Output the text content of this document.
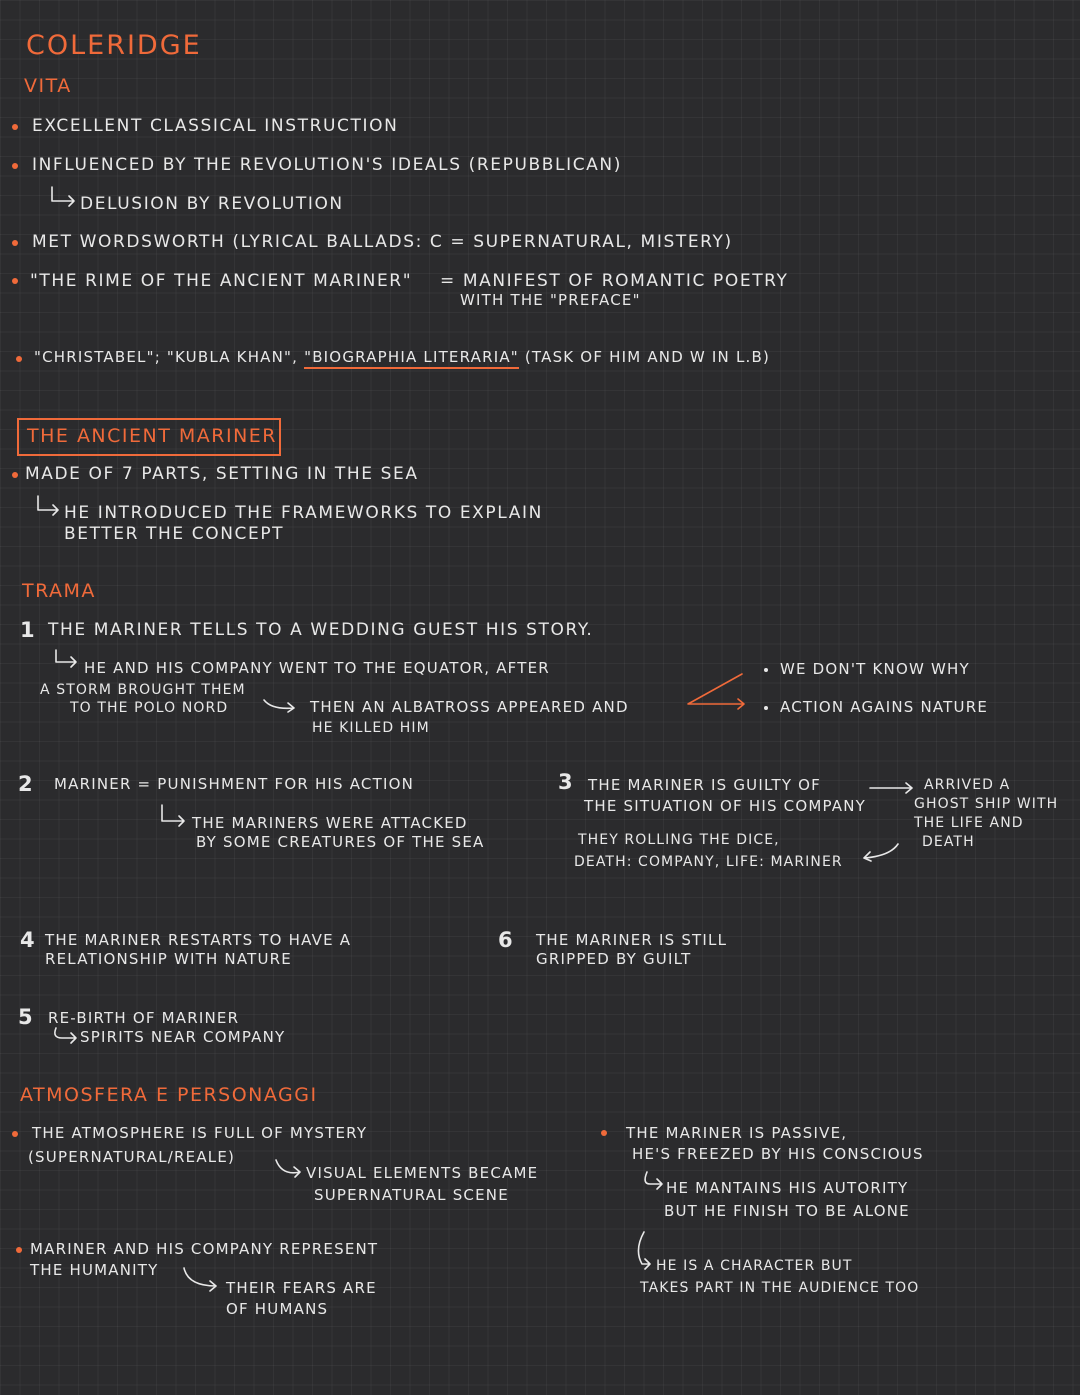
COLERIDGE
VITA
EXCELLENT CLASSICAL INSTRUCTION
INFLUENCED BY THE REVOLUTION'S IDEALS (REPUBBLICAN)
DELUSION BY REVOLUTION
MET WORDSWORTH (LYRICAL BALLADS: C = SUPERNATURAL, MISTERY)
"THE RIME OF THE ANCIENT MARINER" = MANIFEST OF ROMANTIC POETRY
WITH THE "PREFACE"
"CHRISTABEL"; "KUBLA KHAN", "BIOGRAPHIA LITERARIA" (TASK OF HIM AND W IN L.B)
THE ANCIENT MARINER
MADE OF 7 PARTS, SETTING IN THE SEA
HE INTRODUCED THE FRAMEWORKS TO EXPLAIN
BETTER THE CONCEPT
TRAMA
1 THE MARINER TELLS TO A WEDDING GUEST HIS STORY.
HE AND HIS COMPANY WENT TO THE EQUATOR, AFTER
A STORM BROUGHT THEM
TO THE POLO NORD	THEN AN ALBATROSS APPEARED AND
HE KILLED HIM
WE DON'T KNOW WHY
ACTION AGAINS NATURE
2 MARINER = PUNISHMENT FOR HIS ACTION
THE MARINERS WERE ATTACKED
BY SOME CREATURES OF THE SEA
3 THE MARINER IS GUILTY OF
THE SITUATION OF HIS COMPANY
ARRIVED A
GHOST SHIP WITH
THE LIFE AND
DEATH
THEY ROLLING THE DICE,
DEATH: COMPANY, LIFE: MARINER
4 THE MARINER RESTARTS TO HAVE A
RELATIONSHIP WITH NATURE
6 THE MARINER IS STILL
GRIPPED BY GUILT
5 RE-BIRTH OF MARINER
SPIRITS NEAR COMPANY
ATMOSFERA E PERSONAGGI
THE ATMOSPHERE IS FULL OF MYSTERY
(SUPERNATURAL/REALE)
VISUAL ELEMENTS BECAME
SUPERNATURAL SCENE
MARINER AND HIS COMPANY REPRESENT
THE HUMANITY
THEIR FEARS ARE
OF HUMANS
THE MARINER IS PASSIVE,
HE'S FREEZED BY HIS CONSCIOUS
HE MANTAINS HIS AUTORITY
BUT HE FINISH TO BE ALONE
HE IS A CHARACTER BUT
TAKES PART IN THE AUDIENCE TOO
